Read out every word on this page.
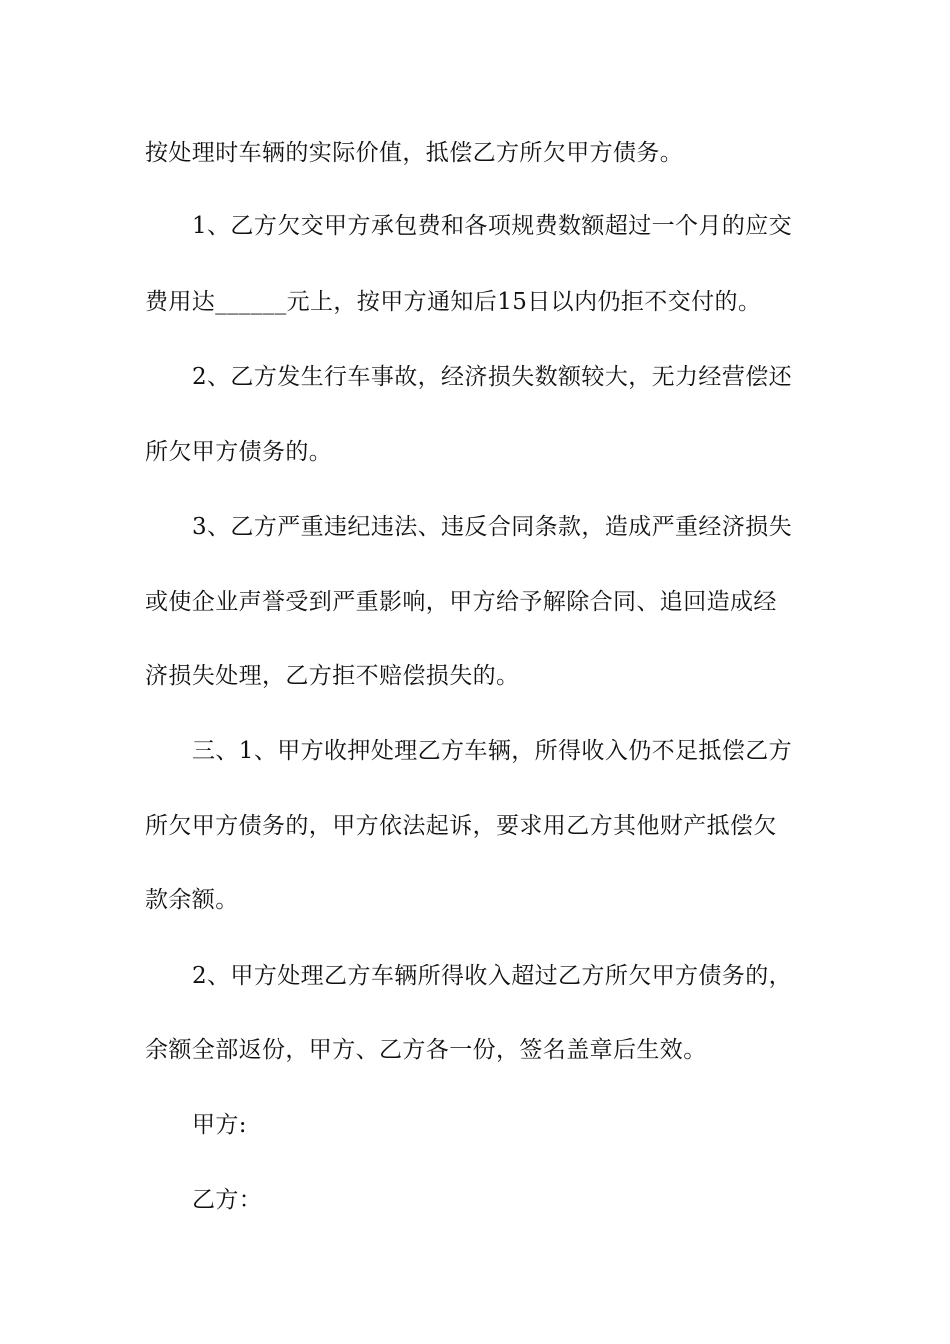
按处理时车辆的实际价值，抵偿乙方所欠甲方债务。
1、乙方欠交甲方承包费和各项规费数额超过一个月的应交
费用达______元上，按甲方通知后15日以内仍拒不交付的。
2、乙方发生行车事故，经济损失数额较大，无力经营偿还
所欠甲方债务的。
3、乙方严重违纪违法、违反合同条款，造成严重经济损失
或使企业声誉受到严重影响，甲方给予解除合同、追回造成经
济损失处理，乙方拒不赔偿损失的。
三、1、甲方收押处理乙方车辆，所得收入仍不足抵偿乙方
所欠甲方债务的，甲方依法起诉，要求用乙方其他财产抵偿欠
款余额。
2、甲方处理乙方车辆所得收入超过乙方所欠甲方债务的，
余额全部返份，甲方、乙方各一份，签名盖章后生效。
甲方:
乙方：
